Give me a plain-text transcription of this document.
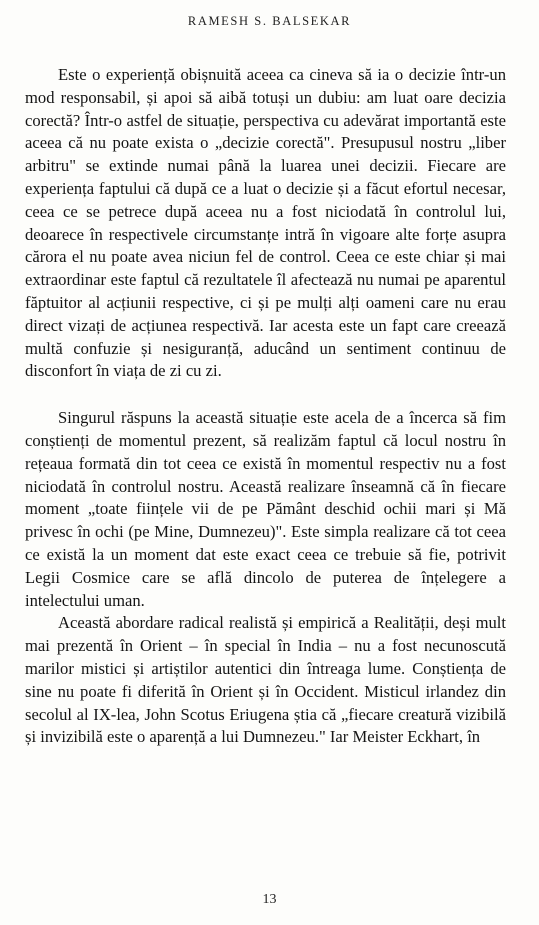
RAMESH S. BALSEKAR

Este o experiență obișnuită aceea ca cineva să ia o decizie într-un mod responsabil, și apoi să aibă totuși un dubiu: am luat oare decizia corectă? Într-o astfel de situație, perspectiva cu adevărat importantă este aceea că nu poate exista o „decizie corectă". Presupusul nostru „liber arbitru" se extinde numai până la luarea unei decizii. Fiecare are experiența faptului că după ce a luat o decizie și a făcut efortul necesar, ceea ce se petrece după aceea nu a fost niciodată în controlul lui, deoarece în respectivele circumstanțe intră în vigoare alte forțe asupra cărora el nu poate avea niciun fel de control. Ceea ce este chiar și mai extraordinar este faptul că rezultatele îl afectează nu numai pe aparentul făptuitor al acțiunii respective, ci și pe mulți alți oameni care nu erau direct vizați de acțiunea respectivă. Iar acesta este un fapt care creează multă confuzie și nesiguranță, aducând un sentiment continuu de disconfort în viața de zi cu zi.

Singurul răspuns la această situație este acela de a încerca să fim conștienți de momentul prezent, să realizăm faptul că locul nostru în rețeaua formată din tot ceea ce există în momentul respectiv nu a fost niciodată în controlul nostru. Această realizare înseamnă că în fiecare moment „toate ființele vii de pe Pământ deschid ochii mari și Mă privesc în ochi (pe Mine, Dumnezeu)". Este simpla realizare că tot ceea ce există la un moment dat este exact ceea ce trebuie să fie, potrivit Legii Cosmice care se află dincolo de puterea de înțelegere a intelectului uman.

Această abordare radical realistă și empirică a Realității, deși mult mai prezentă în Orient – în special în India – nu a fost necunoscută marilor mistici și artiștilor autentici din întreaga lume. Conștiența de sine nu poate fi diferită în Orient și în Occident. Misticul irlandez din secolul al IX-lea, John Scotus Eriugena știa că „fiecare creatură vizibilă și invizibilă este o aparență a lui Dumnezeu." Iar Meister Eckhart, în

13
